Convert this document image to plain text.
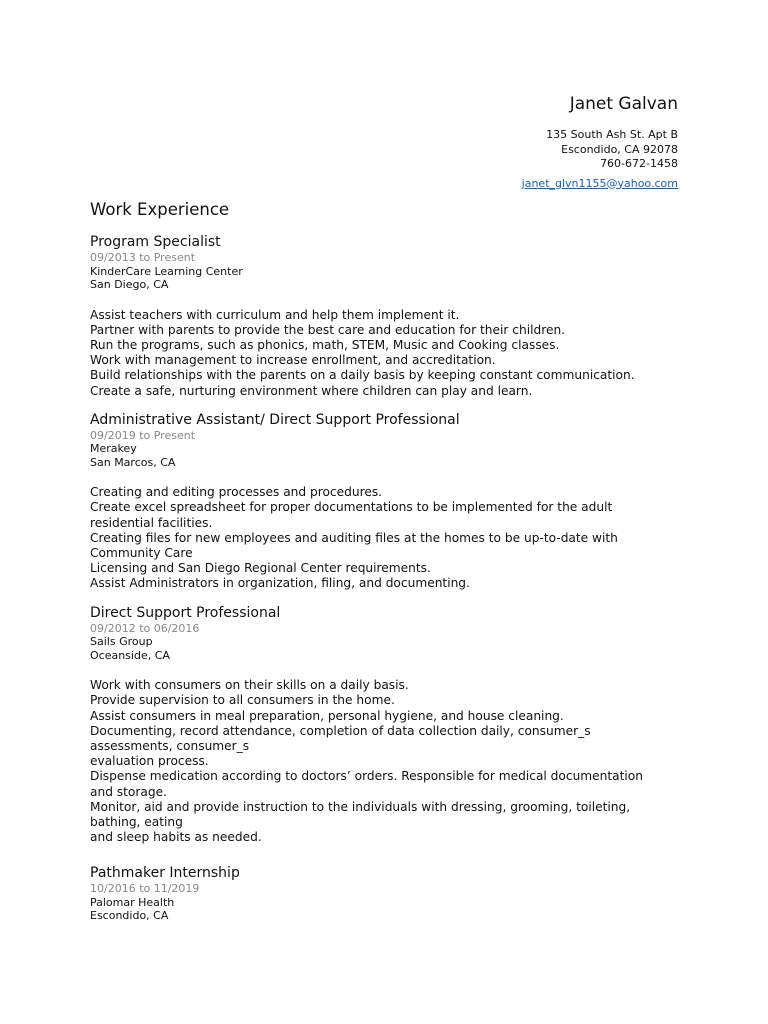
Janet Galvan
135 South Ash St. Apt B
Escondido, CA 92078
760-672-1458
janet_glvn1155@yahoo.com
Work Experience
Program Specialist
09/2013 to Present
KinderCare Learning Center
San Diego, CA
Assist teachers with curriculum and help them implement it.
Partner with parents to provide the best care and education for their children.
Run the programs, such as phonics, math, STEM, Music and Cooking classes.
Work with management to increase enrollment, and accreditation.
Build relationships with the parents on a daily basis by keeping constant communication.
Create a safe, nurturing environment where children can play and learn.
Administrative Assistant/ Direct Support Professional
09/2019 to Present
Merakey
San Marcos, CA
Creating and editing processes and procedures.
Create excel spreadsheet for proper documentations to be implemented for the adult
residential facilities.
Creating files for new employees and auditing files at the homes to be up-to-date with
Community Care
Licensing and San Diego Regional Center requirements.
Assist Administrators in organization, filing, and documenting.
Direct Support Professional
09/2012 to 06/2016
Sails Group
Oceanside, CA
Work with consumers on their skills on a daily basis.
Provide supervision to all consumers in the home.
Assist consumers in meal preparation, personal hygiene, and house cleaning.
Documenting, record attendance, completion of data collection daily, consumer_s
assessments, consumer_s
evaluation process.
Dispense medication according to doctors’ orders. Responsible for medical documentation
and storage.
Monitor, aid and provide instruction to the individuals with dressing, grooming, toileting,
bathing, eating
and sleep habits as needed.
Pathmaker Internship
10/2016 to 11/2019
Palomar Health
Escondido, CA
